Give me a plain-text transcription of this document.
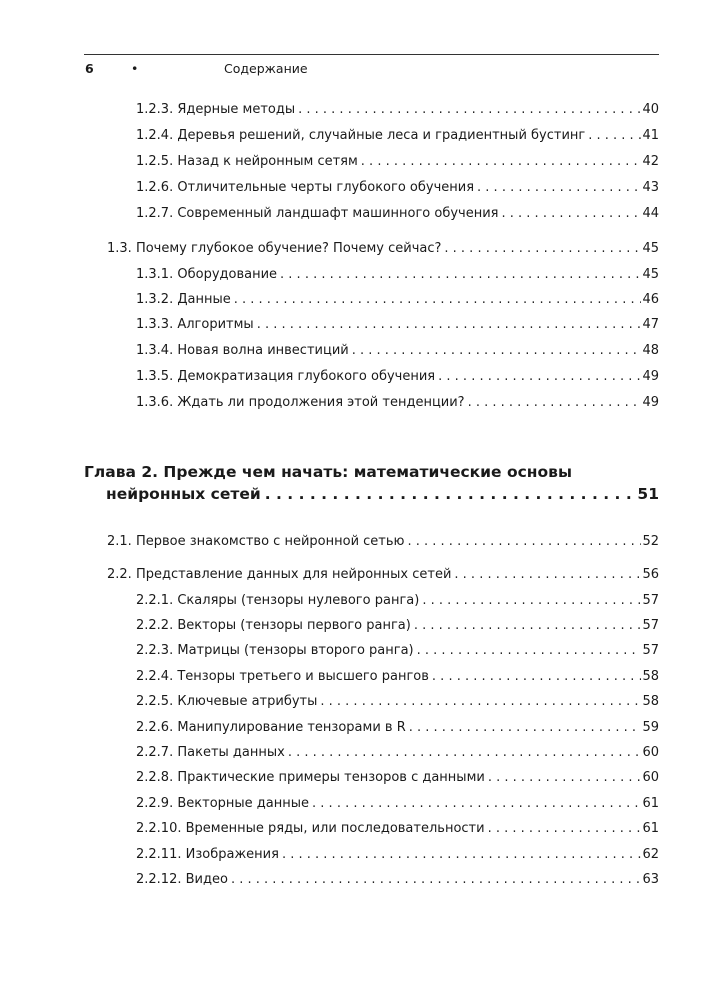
6	•	Содержание
1.2.3. Ядерные методы . . .	40
1.2.4. Деревья решений, случайные леса и градиентный бустинг . . .	41
1.2.5. Назад к нейронным сетям . . .	42
1.2.6. Отличительные черты глубокого обучения . . .	43
1.2.7. Современный ландшафт машинного обучения . . .	44
1.3. Почему глубокое обучение? Почему сейчас? . . .	45
1.3.1. Оборудование . . .	45
1.3.2. Данные . . .	46
1.3.3. Алгоритмы . . .	47
1.3.4. Новая волна инвестиций . . .	48
1.3.5. Демократизация глубокого обучения . . .	49
1.3.6. Ждать ли продолжения этой тенденции? . . .	49
Глава 2. Прежде чем начать: математические основы
нейронных сетей . . .	51
2.1. Первое знакомство с нейронной сетью . . .	52
2.2. Представление данных для нейронных сетей . . .	56
2.2.1. Скаляры (тензоры нулевого ранга) . . .	57
2.2.2. Векторы (тензоры первого ранга) . . .	57
2.2.3. Матрицы (тензоры второго ранга) . . .	57
2.2.4. Тензоры третьего и высшего рангов . . .	58
2.2.5. Ключевые атрибуты . . .	58
2.2.6. Манипулирование тензорами в R . . .	59
2.2.7. Пакеты данных . . .	60
2.2.8. Практические примеры тензоров с данными . . .	60
2.2.9. Векторные данные . . .	61
2.2.10. Временные ряды, или последовательности . . .	61
2.2.11. Изображения . . .	62
2.2.12. Видео . . .	63
